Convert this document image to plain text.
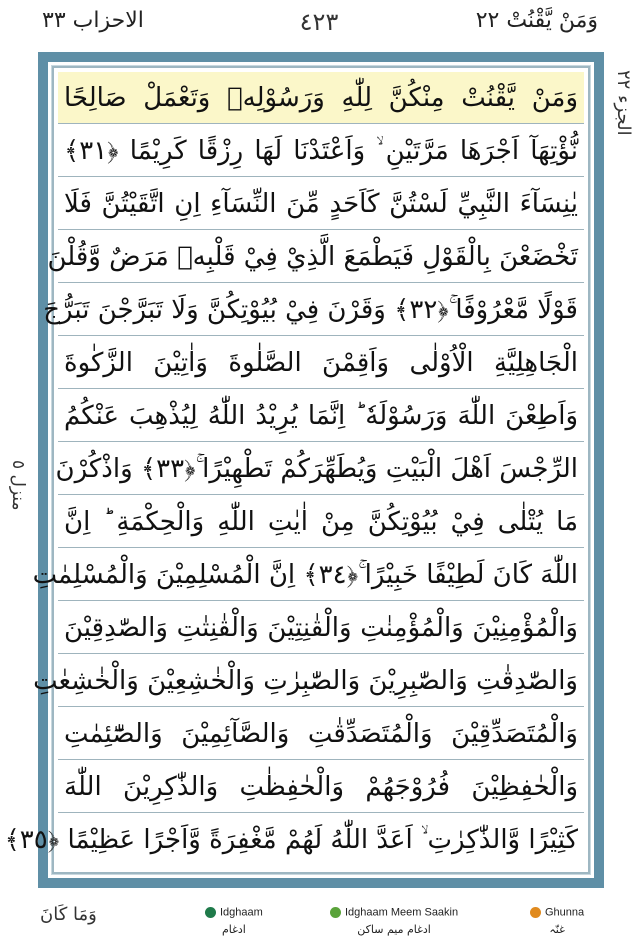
الاحزاب ٣٣	٤٢٣	وَمَنْ يَّقْنُتْ ٢٢
الجزء ٢٢
منزل ٥
وَمَنْ يَّقْنُتْ مِنْكُنَّ لِلّٰهِ وَرَسُوْلِهٖ وَتَعْمَلْ صَالِحًا
نُّؤْتِهَآ اَجْرَهَا مَرَّتَيْنِ ۙ وَاَعْتَدْنَا لَهَا رِزْقًا كَرِيْمًا ﴿٣١﴾
يٰنِسَآءَ النَّبِيِّ لَسْتُنَّ كَاَحَدٍ مِّنَ النِّسَآءِ اِنِ اتَّقَيْتُنَّ فَلَا
تَخْضَعْنَ بِالْقَوْلِ فَيَطْمَعَ الَّذِيْ فِيْ قَلْبِهٖ مَرَضٌ وَّقُلْنَ
قَوْلًا مَّعْرُوْفًا ۚ﴿٣٢﴾ وَقَرْنَ فِيْ بُيُوْتِكُنَّ وَلَا تَبَرَّجْنَ تَبَرُّجَ
الْجَاهِلِيَّةِ الْاُوْلٰى وَاَقِمْنَ الصَّلٰوةَ وَاٰتِيْنَ الزَّكٰوةَ
وَاَطِعْنَ اللّٰهَ وَرَسُوْلَهٗ ؕ اِنَّمَا يُرِيْدُ اللّٰهُ لِيُذْهِبَ عَنْكُمُ
الرِّجْسَ اَهْلَ الْبَيْتِ وَيُطَهِّرَكُمْ تَطْهِيْرًا ۚ﴿٣٣﴾ وَاذْكُرْنَ
مَا يُتْلٰى فِيْ بُيُوْتِكُنَّ مِنْ اٰيٰتِ اللّٰهِ وَالْحِكْمَةِ ؕ اِنَّ
اللّٰهَ كَانَ لَطِيْفًا خَبِيْرًا ۚ﴿٣٤﴾ اِنَّ الْمُسْلِمِيْنَ وَالْمُسْلِمٰتِ
وَالْمُؤْمِنِيْنَ وَالْمُؤْمِنٰتِ وَالْقٰنِتِيْنَ وَالْقٰنِتٰتِ وَالصّٰدِقِيْنَ
وَالصّٰدِقٰتِ وَالصّٰبِرِيْنَ وَالصّٰبِرٰتِ وَالْخٰشِعِيْنَ وَالْخٰشِعٰتِ
وَالْمُتَصَدِّقِيْنَ وَالْمُتَصَدِّقٰتِ وَالصَّآئِمِيْنَ وَالصّٰٓئِمٰتِ
وَالْحٰفِظِيْنَ فُرُوْجَهُمْ وَالْحٰفِظٰتِ وَالذّٰكِرِيْنَ اللّٰهَ
كَثِيْرًا وَّالذّٰكِرٰتِ ۙ اَعَدَّ اللّٰهُ لَهُمْ مَّغْفِرَةً وَّاَجْرًا عَظِيْمًا ﴿٣٥﴾
وَمَا كَانَ	Idghaam
ادغام
Idghaam Meem Saakin
ادغام میم ساکن
Ghunna
غنّہ
